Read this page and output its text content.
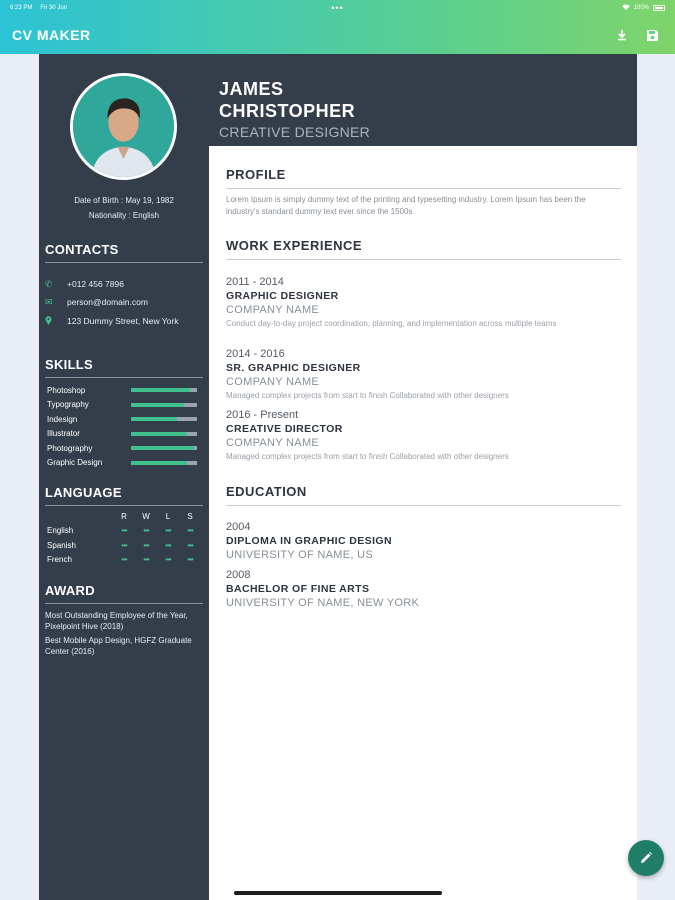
6:23 PM Fri 30 Jun	•••	100%
CV MAKER
Date of Birth : May 19, 1982
Nationality : English
CONTACTS
✆	+012 456 7896
✉	person@domain.com
123 Dummy Street, New York
SKILLS
Photoshop
Typography
Indesign
Illustrator
Photography
Graphic Design
LANGUAGE
R	W	L	S
English	•••	•••	•••	•••
Spanish	•••	•••	•••	•••
French	•••	•••	•••	•••
AWARD
Most Outstanding Employee of the Year, Pixelpoint Hive (2018)
Best Mobile App Design, HGFZ Graduate Center (2016)
JAMES
CHRISTOPHER
CREATIVE DESIGNER
PROFILE
Lorem Ipsum is simply dummy text of the printing and typesetting industry. Lorem Ipsum has been the industry's standard dummy text ever since the 1500s
WORK EXPERIENCE
2011 - 2014
GRAPHIC DESIGNER
COMPANY NAME
Conduct day-to-day project coordination, planning, and implementation across multiple teams
2014 - 2016
SR. GRAPHIC DESIGNER
COMPANY NAME
Managed complex projects from start to finish Collaborated with other designers
2016 - Present
CREATIVE DIRECTOR
COMPANY NAME
Managed complex projects from start to finish Collaborated with other designers
EDUCATION
2004
DIPLOMA IN GRAPHIC DESIGN
UNIVERSITY OF NAME, US
2008
BACHELOR OF FINE ARTS
UNIVERSITY OF NAME, NEW YORK
